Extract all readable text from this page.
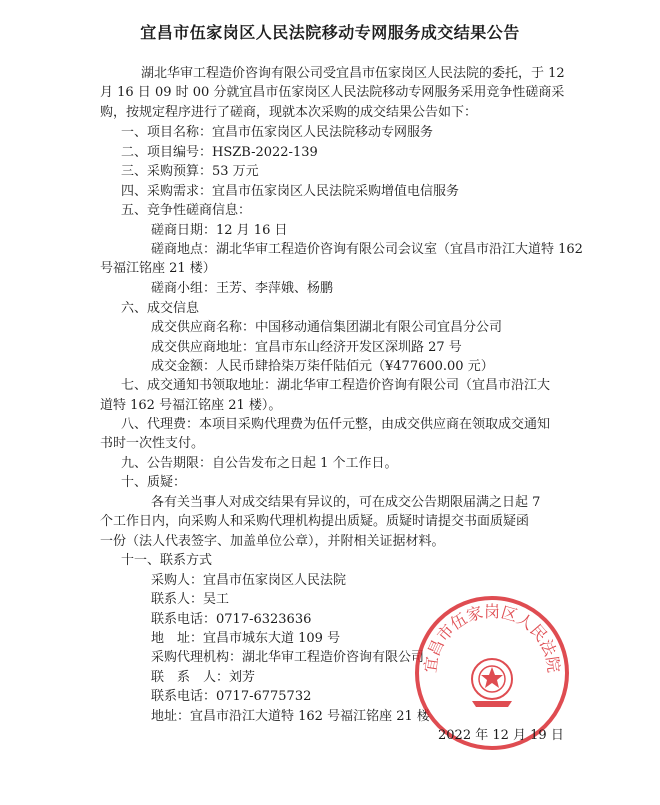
宜昌市伍家岗区人民法院移动专网服务成交结果公告
湖北华审工程造价咨询有限公司受宜昌市伍家岗区人民法院的委托，于 12
月 16 日 09 时 00 分就宜昌市伍家岗区人民法院移动专网服务采用竞争性磋商采
购，按规定程序进行了磋商，现就本次采购的成交结果公告如下：
一、项目名称：宜昌市伍家岗区人民法院移动专网服务
二、项目编号：HSZB-2022-139
三、采购预算：53 万元
四、采购需求：宜昌市伍家岗区人民法院采购增值电信服务
五、竞争性磋商信息：
磋商日期：12 月 16 日
磋商地点：湖北华审工程造价咨询有限公司会议室（宜昌市沿江大道特 162
号福江铭座 21 楼）
磋商小组：王芳、李萍娥、杨鹏
六、成交信息
成交供应商名称：中国移动通信集团湖北有限公司宜昌分公司
成交供应商地址：宜昌市东山经济开发区深圳路 27 号
成交金额：人民币肆拾柒万柒仟陆佰元（¥477600.00 元）
七、成交通知书领取地址：湖北华审工程造价咨询有限公司（宜昌市沿江大
道特 162 号福江铭座 21 楼）。
八、代理费：本项目采购代理费为伍仟元整，由成交供应商在领取成交通知
书时一次性支付。
九、公告期限：自公告发布之日起 1 个工作日。
十、质疑：
各有关当事人对成交结果有异议的，可在成交公告期限届满之日起 7
个工作日内，向采购人和采购代理机构提出质疑。质疑时请提交书面质疑函
一份（法人代表签字、加盖单位公章），并附相关证据材料。
十一、联系方式
采购人：宜昌市伍家岗区人民法院
联系人：吴工
联系电话：0717-6323636
地　址：宜昌市城东大道 109 号
采购代理机构：湖北华审工程造价咨询有限公司
联　系　人：刘芳
联系电话：0717-6775732
地址：宜昌市沿江大道特 162 号福江铭座 21 楼
宜昌市伍家岗区人民法院
2022 年 12 月 19 日
